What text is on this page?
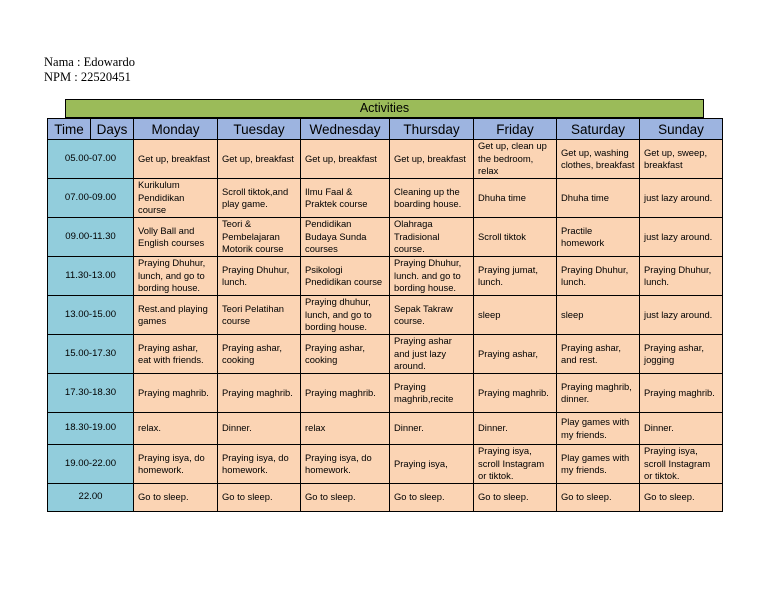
Nama : Edowardo
NPM : 22520451
Activities
Time	Days	Monday	Tuesday	Wednesday	Thursday	Friday	Saturday	Sunday
05.00-07.00		Get up, breakfast	Get up, breakfast	Get up, breakfast	Get up, breakfast	Get up, clean up the bedroom, relax	Get up, washing clothes, breakfast	Get up, sweep, breakfast
07.00-09.00		Kurikulum Pendidikan course	Scroll tiktok,and play game.	Ilmu Faal & Praktek course	Cleaning up the boarding house.	Dhuha time	Dhuha time	just lazy around.
09.00-11.30		Volly Ball and English courses	Teori & Pembelajaran Motorik course	Pendidikan Budaya Sunda courses	Olahraga Tradisional course.	Scroll tiktok	Practile homework	just lazy around.
11.30-13.00		Praying Dhuhur, lunch, and go to bording house.	Praying Dhuhur, lunch.	Psikologi Pnedidikan course	Praying Dhuhur, lunch. and go to bording house.	Praying jumat, lunch.	Praying Dhuhur, lunch.	Praying Dhuhur, lunch.
13.00-15.00		Rest.and playing games	Teori Pelatihan course	Praying dhuhur, lunch, and go to bording house.	Sepak Takraw course.	sleep	sleep	just lazy around.
15.00-17.30		Praying ashar, eat with friends.	Praying ashar, cooking	Praying ashar, cooking	Praying ashar and just lazy around.	Praying ashar,	Praying ashar, and rest.	Praying ashar, jogging
17.30-18.30		Praying maghrib.	Praying maghrib.	Praying maghrib.	Praying maghrib,recite	Praying maghrib.	Praying maghrib, dinner.	Praying maghrib.
18.30-19.00		relax.	Dinner.	relax	Dinner.	Dinner.	Play games with my friends.	Dinner.
19.00-22.00		Praying isya, do homework.	Praying isya, do homework.	Praying isya, do homework.	Praying isya,	Praying isya, scroll Instagram or tiktok.	Play games with my friends.	Praying isya, scroll Instagram or tiktok.
22.00		Go to sleep.	Go to sleep.	Go to sleep.	Go to sleep.	Go to sleep.	Go to sleep.	Go to sleep.
